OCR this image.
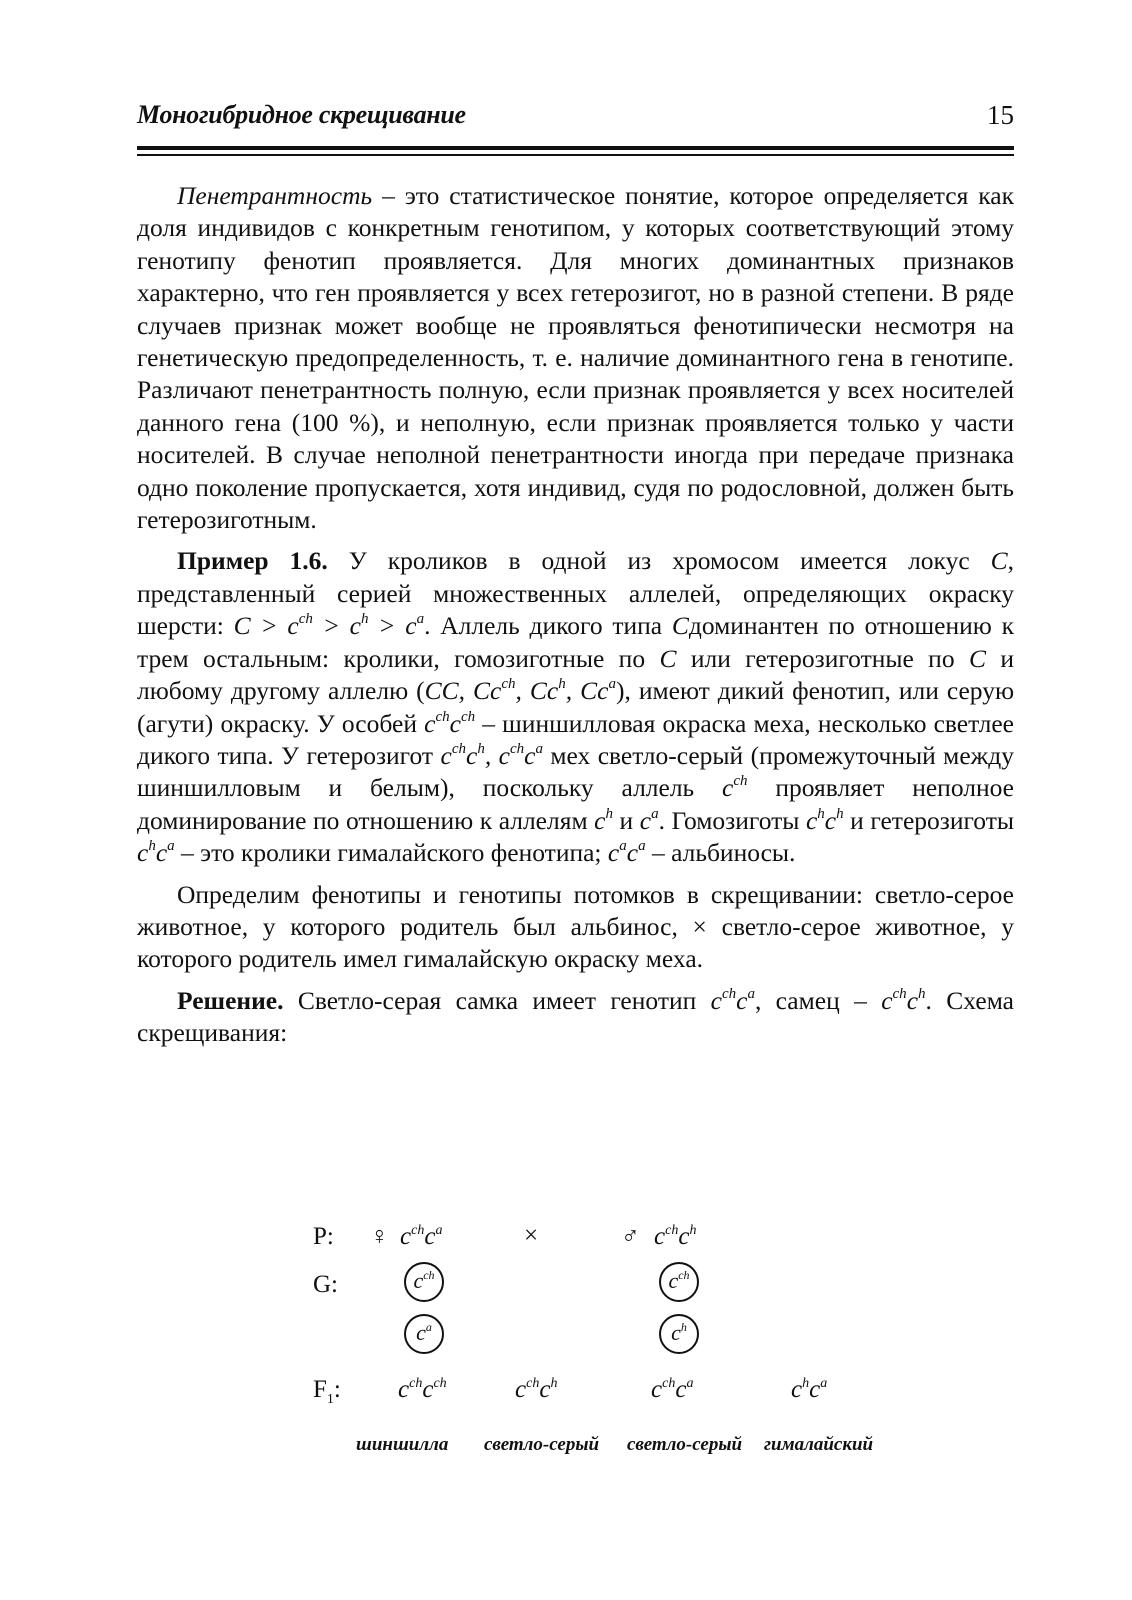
Моногибридное скрещивание	15

Пенетрантность – это статистическое понятие, которое определяется как доля индивидов с конкретным генотипом, у которых соответствующий этому генотипу фенотип проявляется. Для многих доминантных признаков характерно, что ген проявляется у всех гетерозигот, но в разной степени. В ряде случаев признак может вообще не проявляться фенотипически несмотря на генетическую предопределенность, т. е. наличие доминантного гена в генотипе. Различают пенетрантность полную, если признак проявляется у всех носителей данного гена (100 %), и неполную, если признак проявляется только у части носителей. В случае неполной пенетрантности иногда при передаче признака одно поколение пропускается, хотя индивид, судя по родословной, должен быть гетерозиготным.

Пример 1.6. У кроликов в одной из хромосом имеется локус C, представленный серией множественных аллелей, определяющих окраску шерсти: $C > c^{ch} > c^h > c^a$. Аллель дикого типа Cдоминантен по отношению к трем остальным: кролики, гомозиготные по C или гетерозиготные по C и любому другому аллелю (CC, $Cc^{ch}$, Cc$^h$, Cc$^a$), имеют дикий фенотип, или серую (агути) окраску. У особей $c^{ch}c^{ch}$ – шиншилловая окраска меха, несколько светлее дикого типа. У гетерозигот $c^{ch}c^h$, $c^{ch}c^a$ мех светло-серый (промежуточный между шиншилловым и белым), поскольку аллель $c^{ch}$ проявляет неполное доминирование по отношению к аллелям $c^h$ и $c^a$. Гомозиготы $c^hc^h$ и гетерозиготы $c^hc^a$ – это кролики гималайского фенотипа; $c^ac^a$ – альбиносы.

Определим фенотипы и генотипы потомков в скрещивании: светло-серое животное, у которого родитель был альбинос, × светло-серое животное, у которого родитель имел гималайскую окраску меха.

Решение. Светло-серая самка имеет генотип $c^{ch}c^a$, самец – $c^{ch}c^h$. Схема скрещивания:

P: ♀ $c^{ch}c^a$	×	♂ $c^{ch}c^h$
G:	$c^{ch}$	$c^{ch}$
$c^a$	$c^h$
$F_1$: $c^{ch}c^{ch}$	$c^{ch}c^h$	$c^{ch}c^a$	$c^hc^a$
шиншилла светло-серый светло-серый гималайский
